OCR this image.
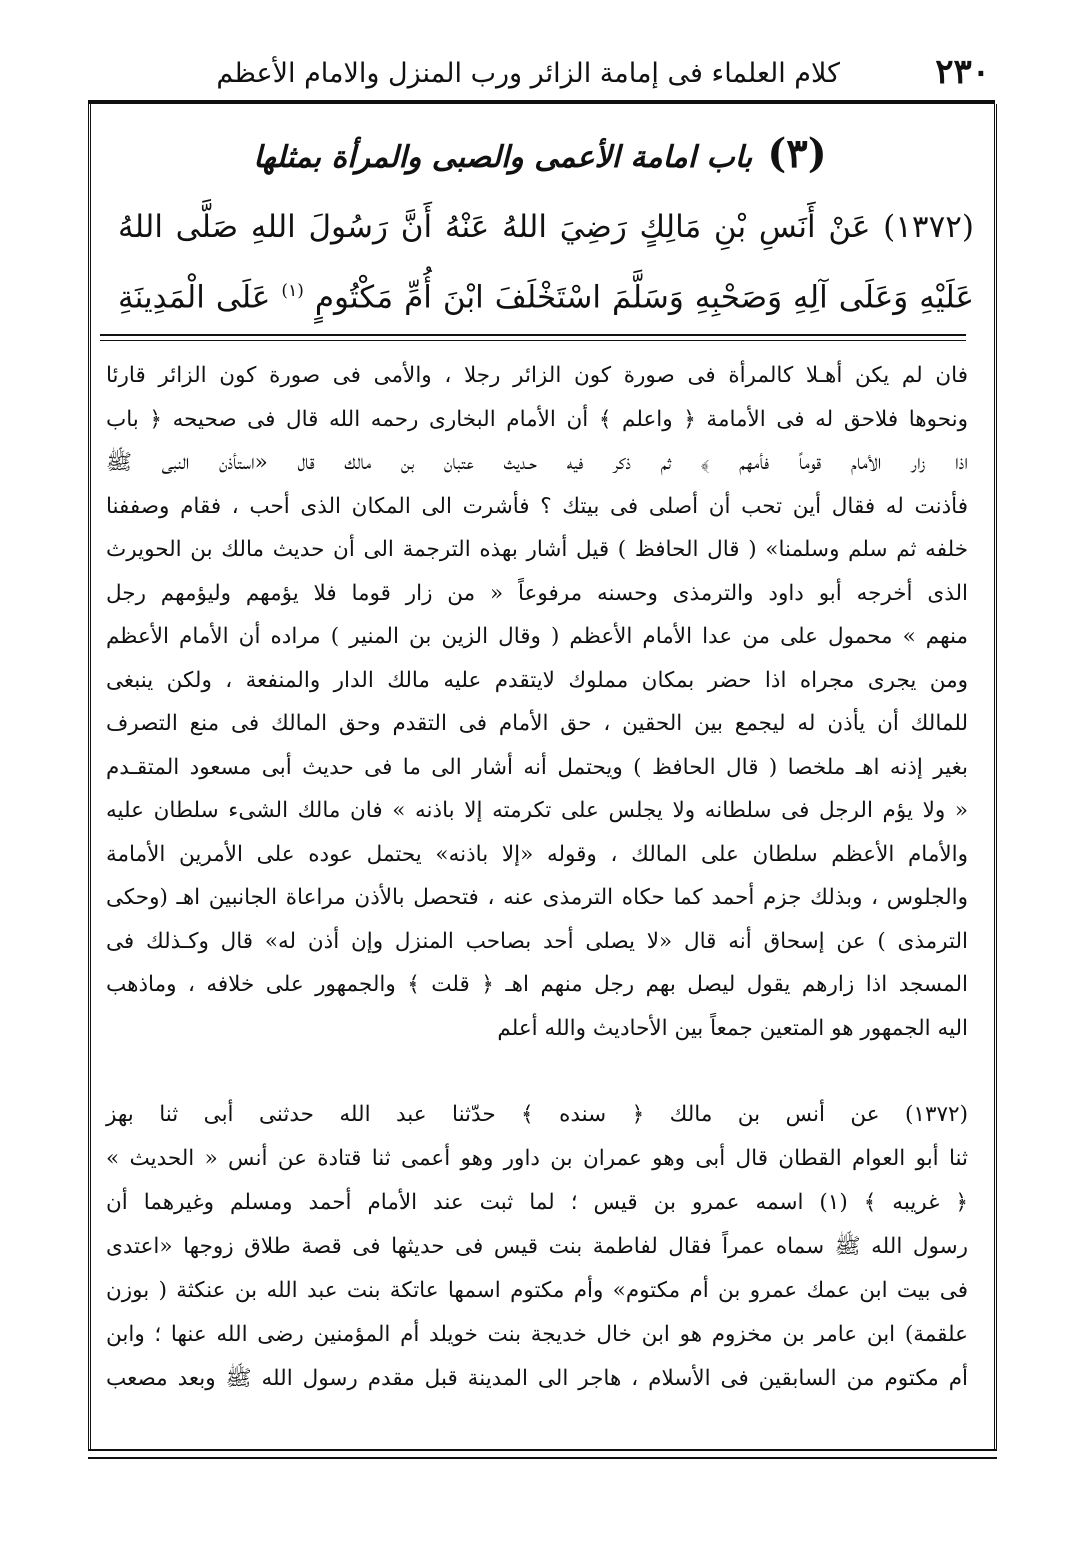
٢٣٠
كلام العلماء فى إمامة الزائر ورب المنزل والامام الأعظم
(٣) باب امامة الأعمى والصبى والمرأة بمثلها
(١٣٧٢) عَنْ أَنَسِ بْنِ مَالِكٍ رَضِيَ اللهُ عَنْهُ أَنَّ رَسُولَ اللهِ صَلَّى اللهُ عَلَيْهِ وَعَلَى آلِهِ وَصَحْبِهِ وَسَلَّمَ اسْتَخْلَفَ ابْنَ أُمِّ مَكْتُومٍ $^{(١)}$ عَلَى الْمَدِينَةِ
فان لم يكن أهـلا كالمرأة فى صورة كون الزائر رجلا ، والأمى فى صورة كون الزائر قارئا
ونحوها فلاحق له فى الأمامة ﴿ واعلم ﴾ أن الأمام البخارى رحمه الله قال فى صحيحه ﴿ باب
اذا زار الأمام قوماً فأمهم ﴾ ثم ذكر فيه حـديث عتبان بن مالك قال «استأذن النبى ﷺ
فأذنت له فقال أين تحب أن أصلى فى بيتك ؟ فأشرت الى المكان الذى أحب ، فقام وصففنا
خلفه ثم سلم وسلمنا» ( قال الحافظ ) قيل أشار بهذه الترجمة الى أن حديث مالك بن الحويرث
الذى أخرجه أبو داود والترمذى وحسنه مرفوعاً « من زار قوما فلا يؤمهم وليؤمهم رجل
منهم » محمول على من عدا الأمام الأعظم ( وقال الزين بن المنير ) مراده أن الأمام الأعظم
ومن يجرى مجراه اذا حضر بمكان مملوك لايتقدم عليه مالك الدار والمنفعة ، ولكن ينبغى
للمالك أن يأذن له ليجمع بين الحقين ، حق الأمام فى التقدم وحق المالك فى منع التصرف
بغير إذنه اهـ ملخصا ( قال الحافظ ) ويحتمل أنه أشار الى ما فى حديث أبى مسعود المتقـدم
« ولا يؤم الرجل فى سلطانه ولا يجلس على تكرمته إلا باذنه » فان مالك الشىء سلطان عليه
والأمام الأعظم سلطان على المالك ، وقوله «إلا باذنه» يحتمل عوده على الأمرين الأمامة
والجلوس ، وبذلك جزم أحمد كما حكاه الترمذى عنه ، فتحصل بالأذن مراعاة الجانبين اهـ (وحكى
الترمذى ) عن إسحاق أنه قال «لا يصلى أحد بصاحب المنزل وإن أذن له» قال وكـذلك فى
المسجد اذا زارهم يقول ليصل بهم رجل منهم اهـ ﴿ قلت ﴾ والجمهور على خلافه ، وماذهب
اليه الجمهور هو المتعين جمعاً بين الأحاديث والله أعلم
(١٣٧٢) عن أنس بن مالك ﴿ سنده ﴾ حدّثنا عبد الله حدثنى أبى ثنا بهز
ثنا أبو العوام القطان قال أبى وهو عمران بن داور وهو أعمى ثنا قتادة عن أنس « الحديث »
﴿ غريبه ﴾ (١) اسمه عمرو بن قيس ؛ لما ثبت عند الأمام أحمد ومسلم وغيرهما أن
رسول الله ﷺ سماه عمراً فقال لفاطمة بنت قيس فى حديثها فى قصة طلاق زوجها «اعتدى
فى بيت ابن عمك عمرو بن أم مكتوم» وأم مكتوم اسمها عاتكة بنت عبد الله بن عنكثة ( بوزن
علقمة) ابن عامر بن مخزوم هو ابن خال خديجة بنت خويلد أم المؤمنين رضى الله عنها ؛ وابن
أم مكتوم من السابقين فى الأسلام ، هاجر الى المدينة قبل مقدم رسول الله ﷺ وبعد مصعب
